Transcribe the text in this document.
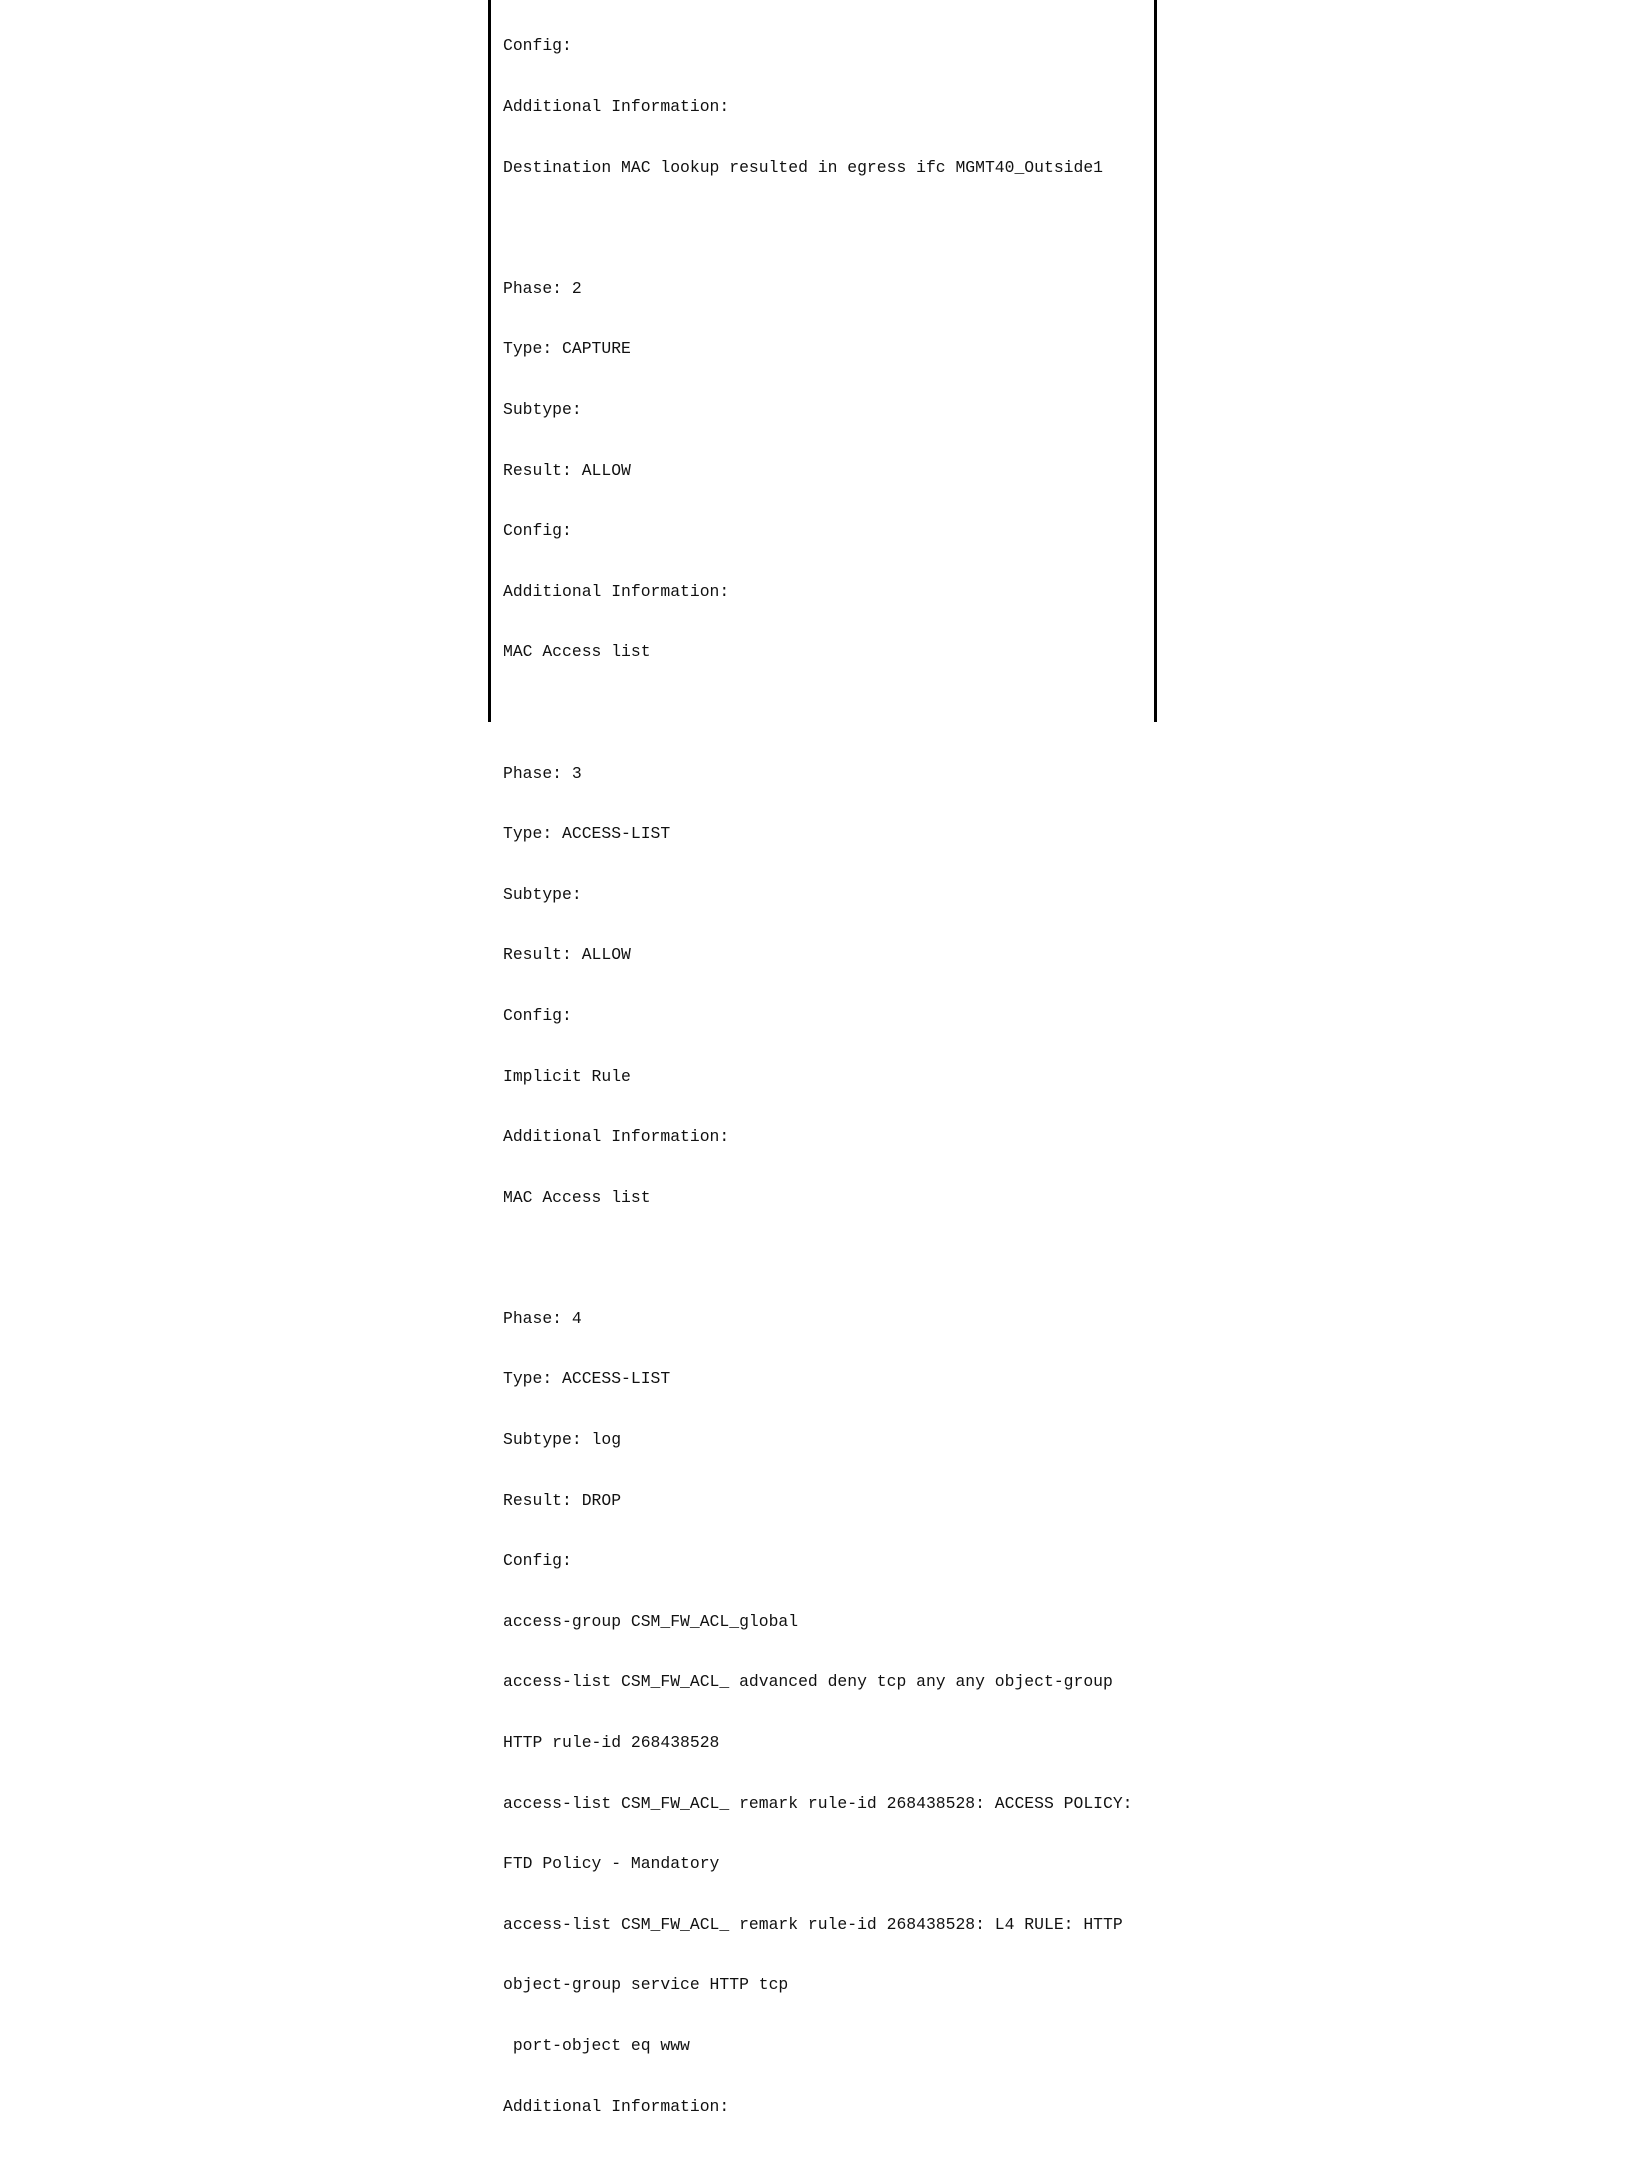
Config:

Additional Information:

Destination MAC lookup resulted in egress ifc MGMT40_Outside1

Phase: 2

Type: CAPTURE

Subtype:

Result: ALLOW

Config:

Additional Information:

MAC Access list

Phase: 3

Type: ACCESS-LIST

Subtype:

Result: ALLOW

Config:

Implicit Rule

Additional Information:

MAC Access list

Phase: 4

Type: ACCESS-LIST

Subtype: log

Result: DROP

Config:

access-group CSM_FW_ACL_global

access-list CSM_FW_ACL_ advanced deny tcp any any object-group

HTTP rule-id 268438528

access-list CSM_FW_ACL_ remark rule-id 268438528: ACCESS POLICY:

FTD Policy - Mandatory

access-list CSM_FW_ACL_ remark rule-id 268438528: L4 RULE: HTTP

object-group service HTTP tcp

port-object eq www

Additional Information:
